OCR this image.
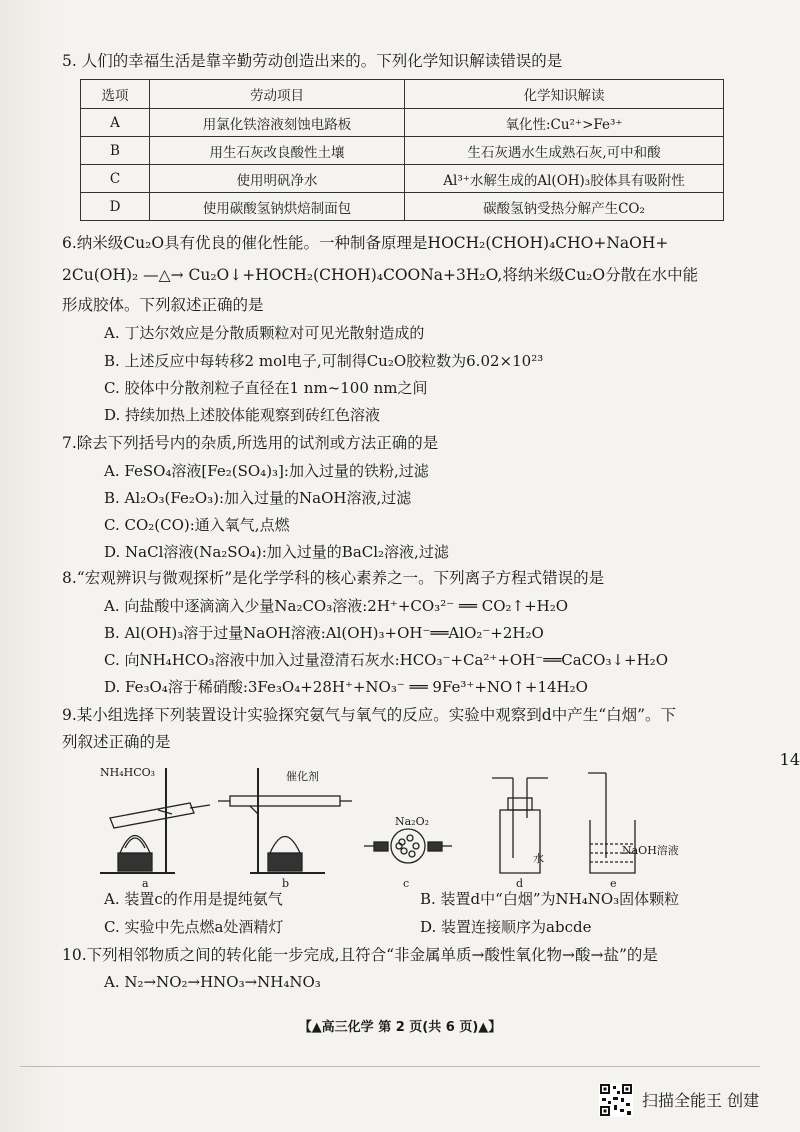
5. 人们的幸福生活是靠辛勤劳动创造出来的。下列化学知识解读错误的是
选项	劳动项目	化学知识解读
A	用氯化铁溶液刻蚀电路板	氧化性:Cu²⁺>Fe³⁺
B	用生石灰改良酸性土壤	生石灰遇水生成熟石灰,可中和酸
C	使用明矾净水	Al³⁺水解生成的Al(OH)₃胶体具有吸附性
D	使用碳酸氢钠烘焙制面包	碳酸氢钠受热分解产生CO₂
6.纳米级Cu₂O具有优良的催化性能。一种制备原理是HOCH₂(CHOH)₄CHO+NaOH+
2Cu(OH)₂ —△→ Cu₂O↓+HOCH₂(CHOH)₄COONa+3H₂O,将纳米级Cu₂O分散在水中能
形成胶体。下列叙述正确的是
A. 丁达尔效应是分散质颗粒对可见光散射造成的
B. 上述反应中每转移2 mol电子,可制得Cu₂O胶粒数为6.02×10²³
C. 胶体中分散剂粒子直径在1 nm~100 nm之间
D. 持续加热上述胶体能观察到砖红色溶液
7.除去下列括号内的杂质,所选用的试剂或方法正确的是
A. FeSO₄溶液[Fe₂(SO₄)₃]:加入过量的铁粉,过滤
B. Al₂O₃(Fe₂O₃):加入过量的NaOH溶液,过滤
C. CO₂(CO):通入氧气,点燃
D. NaCl溶液(Na₂SO₄):加入过量的BaCl₂溶液,过滤
8.“宏观辨识与微观探析”是化学学科的核心素养之一。下列离子方程式错误的是
A. 向盐酸中逐滴滴入少量Na₂CO₃溶液:2H⁺+CO₃²⁻ ══ CO₂↑+H₂O
B. Al(OH)₃溶于过量NaOH溶液:Al(OH)₃+OH⁻══AlO₂⁻+2H₂O
C. 向NH₄HCO₃溶液中加入过量澄清石灰水:HCO₃⁻+Ca²⁺+OH⁻══CaCO₃↓+H₂O
D. Fe₃O₄溶于稀硝酸:3Fe₃O₄+28H⁺+NO₃⁻ ══ 9Fe³⁺+NO↑+14H₂O
9.某小组选择下列装置设计实验探究氨气与氧气的反应。实验中观察到d中产生“白烟”。下
列叙述正确的是
NH₄HCO₃	催化剂
Na₂O₂
水
NaOH溶液
a	b	c	d	e
A. 装置c的作用是提纯氨气	B. 装置d中“白烟”为NH₄NO₃固体颗粒
C. 实验中先点燃a处酒精灯	D. 装置连接顺序为abcde
10.下列相邻物质之间的转化能一步完成,且符合“非金属单质→酸性氧化物→酸→盐”的是
A. N₂→NO₂→HNO₃→NH₄NO₃
14
【▲高三化学 第 2 页(共 6 页)▲】
扫描全能王 创建
